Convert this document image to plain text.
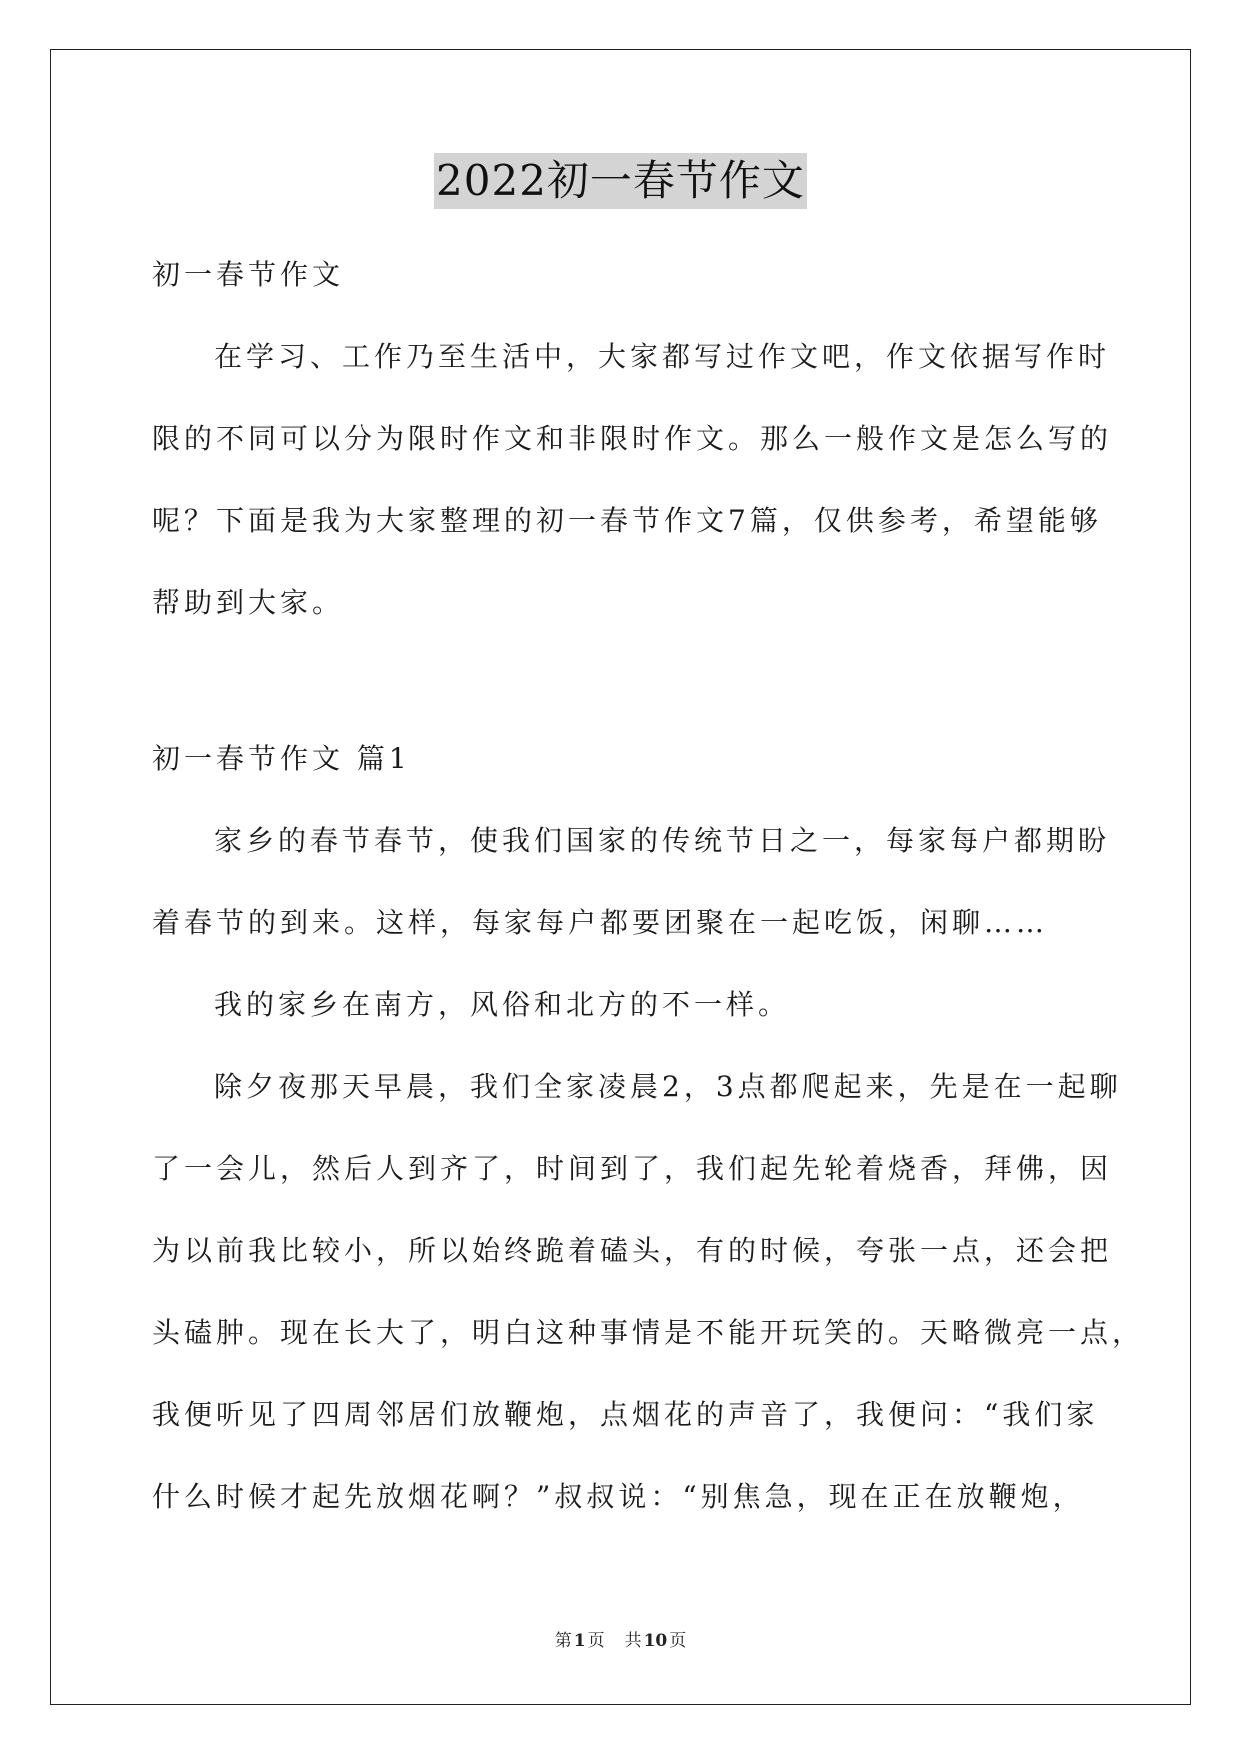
2022初一春节作文
初一春节作文
在学习、工作乃至生活中，大家都写过作文吧，作文依据写作时
限的不同可以分为限时作文和非限时作文。那么一般作文是怎么写的
呢？下面是我为大家整理的初一春节作文7篇，仅供参考，希望能够
帮助到大家。
初一春节作文 篇1
家乡的春节春节，使我们国家的传统节日之一，每家每户都期盼
着春节的到来。这样，每家每户都要团聚在一起吃饭，闲聊……
我的家乡在南方，风俗和北方的不一样。
除夕夜那天早晨，我们全家凌晨2，3点都爬起来，先是在一起聊
了一会儿，然后人到齐了，时间到了，我们起先轮着烧香，拜佛，因
为以前我比较小，所以始终跪着磕头，有的时候，夸张一点，还会把
头磕肿。现在长大了，明白这种事情是不能开玩笑的。天略微亮一点，
我便听见了四周邻居们放鞭炮，点烟花的声音了，我便问：“我们家
什么时候才起先放烟花啊？”叔叔说：“别焦急，现在正在放鞭炮，
第 1 页 共 10 页
